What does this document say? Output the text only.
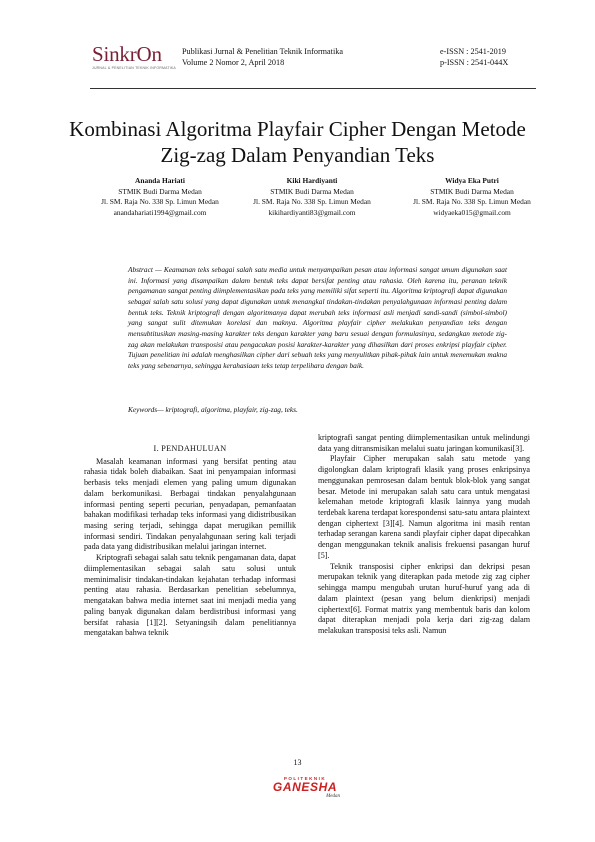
SinkrOn
JURNAL & PENELITIAN TEKNIK INFORMATIKA
Publikasi Jurnal & Penelitian Teknik Informatika
Volume 2 Nomor 2, April 2018
e-ISSN : 2541-2019
p-ISSN : 2541-044X
Kombinasi Algoritma Playfair Cipher Dengan Metode Zig-zag Dalam Penyandian Teks
Ananda Hariati
STMIK Budi Darma Medan
Jl. SM. Raja No. 338 Sp. Limun Medan
anandahariati1994@gmail.com
Kiki Hardiyanti
STMIK Budi Darma Medan
Jl. SM. Raja No. 338 Sp. Limun Medan
kikihardiyanti83@gmail.com
Widya Eka Putri
STMIK Budi Darma Medan
Jl. SM. Raja No. 338 Sp. Limun Medan
widyaeka015@gmail.com
Abstract — Keamanan teks sebagai salah satu media untuk menyampaikan pesan atau informasi sangat umum digunakan saat ini. Informasi yang disampaikan dalam bentuk teks dapat bersifat penting atau rahasia. Oleh karena itu, peranan teknik pengamanan sangat penting diimplementasikan pada teks yang memiliki sifat seperti itu. Algoritma kriptografi dapat digunakan sebagai salah satu solusi yang dapat digunakan untuk menangkal tindakan-tindakan penyalahgunaan informasi penting dalam bentuk teks. Teknik kriptografi dengan algoritmanya dapat merubah teks informasi asli menjadi sandi-sandi (simbol-simbol) yang sangat sulit ditemukan korelasi dan maknya. Algoritma playfair cipher melakukan penyandian teks dengan mensubtitusikan masing-masing karakter teks dengan karakter yang baru sesuai dengan formulasinya, sedangkan metode zig-zag akan melakukan transposisi atau pengacakan posisi karakter-karakter yang dihasilkan dari proses enkripsi playfair cipher. Tujuan penelitian ini adalah menghasilkan cipher dari sebuah teks yang menyulitkan pihak-pihak lain untuk menemukan makna teks yang sebenarnya, sehingga kerahasiaan teks tetap terpelihara dengan baik.
Keywords— kriptografi, algoritma, playfair, zig-zag, teks.

I. PENDAHULUAN

Masalah keamanan informasi yang bersifat penting atau rahasia tidak boleh diabaikan. Saat ini penyampaian informasi berbasis teks menjadi elemen yang paling umum digunakan dalam berkomunikasi. Berbagai tindakan penyalahgunaan informasi penting seperti pecurian, penyadapan, pemanfaatan bahakan modifikasi terhadap teks informasi yang didistribusikan masing sering terjadi, sehingga dapat merugikan pemillik informasi sendiri. Tindakan penyalahgunaan sering kali terjadi pada data yang didistribusikan melalui jaringan internet.

Kriptografi sebagai salah satu teknik pengamanan data, dapat diimplementasikan sebagai salah satu solusi untuk meminimalisir tindakan-tindakan kejahatan terhadap informasi penting atau rahasia. Berdasarkan penelitian sebelumnya, mengatakan bahwa media internet saat ini menjadi media yang paling banyak digunakan dalam berdistribusi informasi yang bersifat rahasia [1][2]. Setyaningsih dalam penelitiannya mengatakan bahwa teknik

kriptografi sangat penting diimplementasikan untuk melindungi data yang ditransmisikan melalui suatu jaringan komunikasi[3].

Playfair Cipher merupakan salah satu metode yang digolongkan dalam kriptografi klasik yang proses enkripsinya menggunakan pemrosesan dalam bentuk blok-blok yang sangat besar. Metode ini merupakan salah satu cara untuk mengatasi kelemahan metode kriptografi klasik lainnya yang mudah terdebak karena terdapat korespondensi satu-satu antara plaintext dengan ciphertext [3][4]. Namun algoritma ini masih rentan terhadap serangan karena sandi playfair cipher dapat dipecahkan dengan menggunakan teknik analisis frekuensi pasangan huruf [5].

Teknik transposisi cipher enkripsi dan dekripsi pesan merupakan teknik yang diterapkan pada metode zig zag cipher sehingga mampu mengubah urutan huruf-huruf yang ada di dalam plaintext (pesan yang belum dienkripsi) menjadi ciphertext[6]. Format matrix yang membentuk baris dan kolom dapat diterapkan menjadi pola kerja dari zig-zag dalam melakukan transposisi teks asli. Namun

13
POLITEKNIK
GANESHA
Medan
